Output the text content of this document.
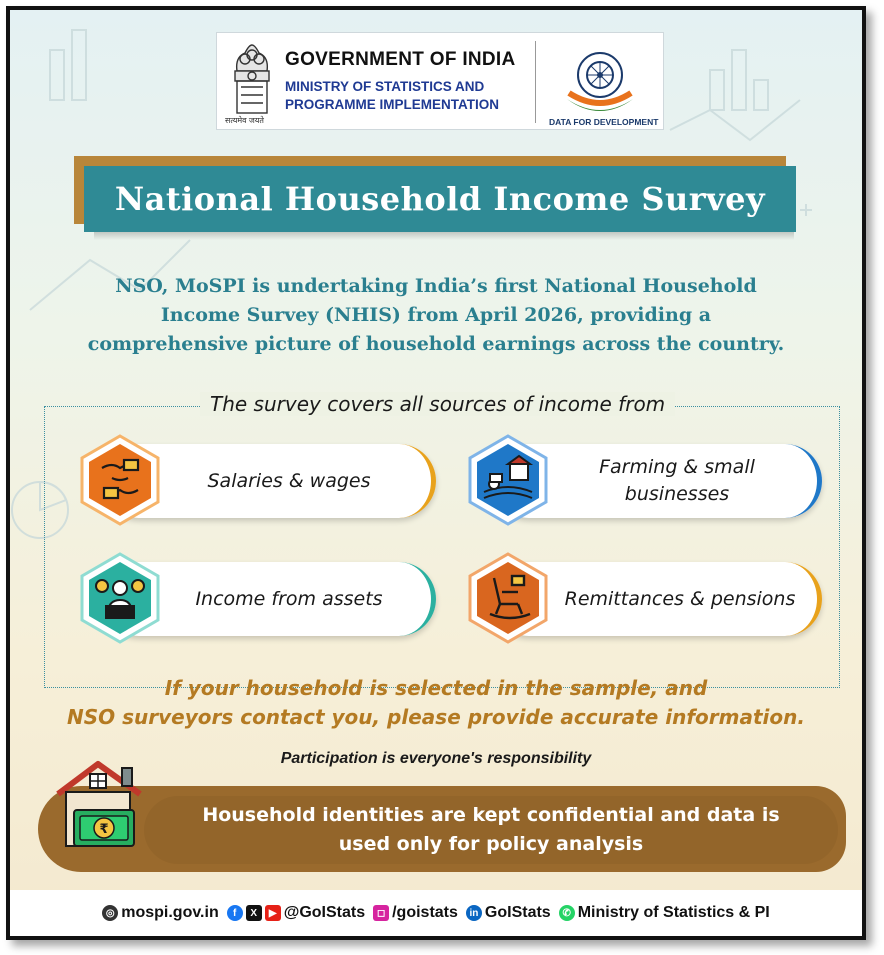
सत्यमेव जयते
GOVERNMENT OF INDIA
MINISTRY OF STATISTICS AND
PROGRAMME IMPLEMENTATION
DATA FOR DEVELOPMENT
National Household Income Survey
NSO, MoSPI is undertaking India’s first National Household
Income Survey (NHIS) from April 2026, providing a
comprehensive picture of household earnings across the country.
The survey covers all sources of income from
Salaries & wages
Farming & small
businesses
Income from assets	Remittances & pensions
If your household is selected in the sample, and
NSO surveyors contact you, please provide accurate information.
Participation is everyone's responsibility
Household identities are kept confidential and data is
used only for policy analysis
₹
◎ mospi.gov.in	f	X	▶ @GoIStats	◻ /goistats	in GoIStats	✆ Ministry of Statistics & PI
